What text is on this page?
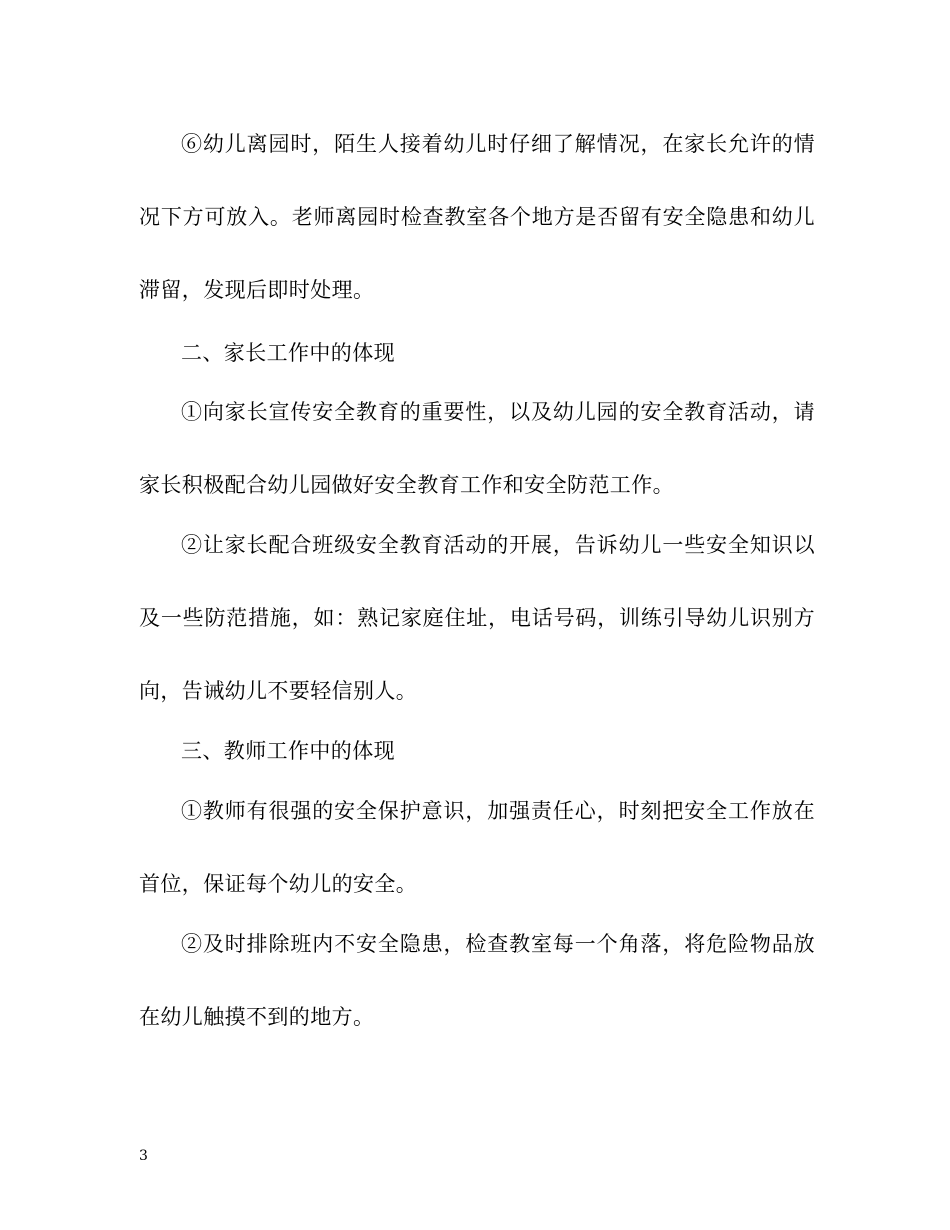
⑥幼儿离园时，陌生人接着幼儿时仔细了解情况，在家长允许的情
况下方可放入。老师离园时检查教室各个地方是否留有安全隐患和幼儿
滞留，发现后即时处理。
二、家长工作中的体现
①向家长宣传安全教育的重要性，以及幼儿园的安全教育活动，请
家长积极配合幼儿园做好安全教育工作和安全防范工作。
②让家长配合班级安全教育活动的开展，告诉幼儿一些安全知识以
及一些防范措施，如：熟记家庭住址，电话号码，训练引导幼儿识别方
向，告诫幼儿不要轻信别人。
三、教师工作中的体现
①教师有很强的安全保护意识，加强责任心，时刻把安全工作放在
首位，保证每个幼儿的安全。
②及时排除班内不安全隐患，检查教室每一个角落，将危险物品放
在幼儿触摸不到的地方。
3
